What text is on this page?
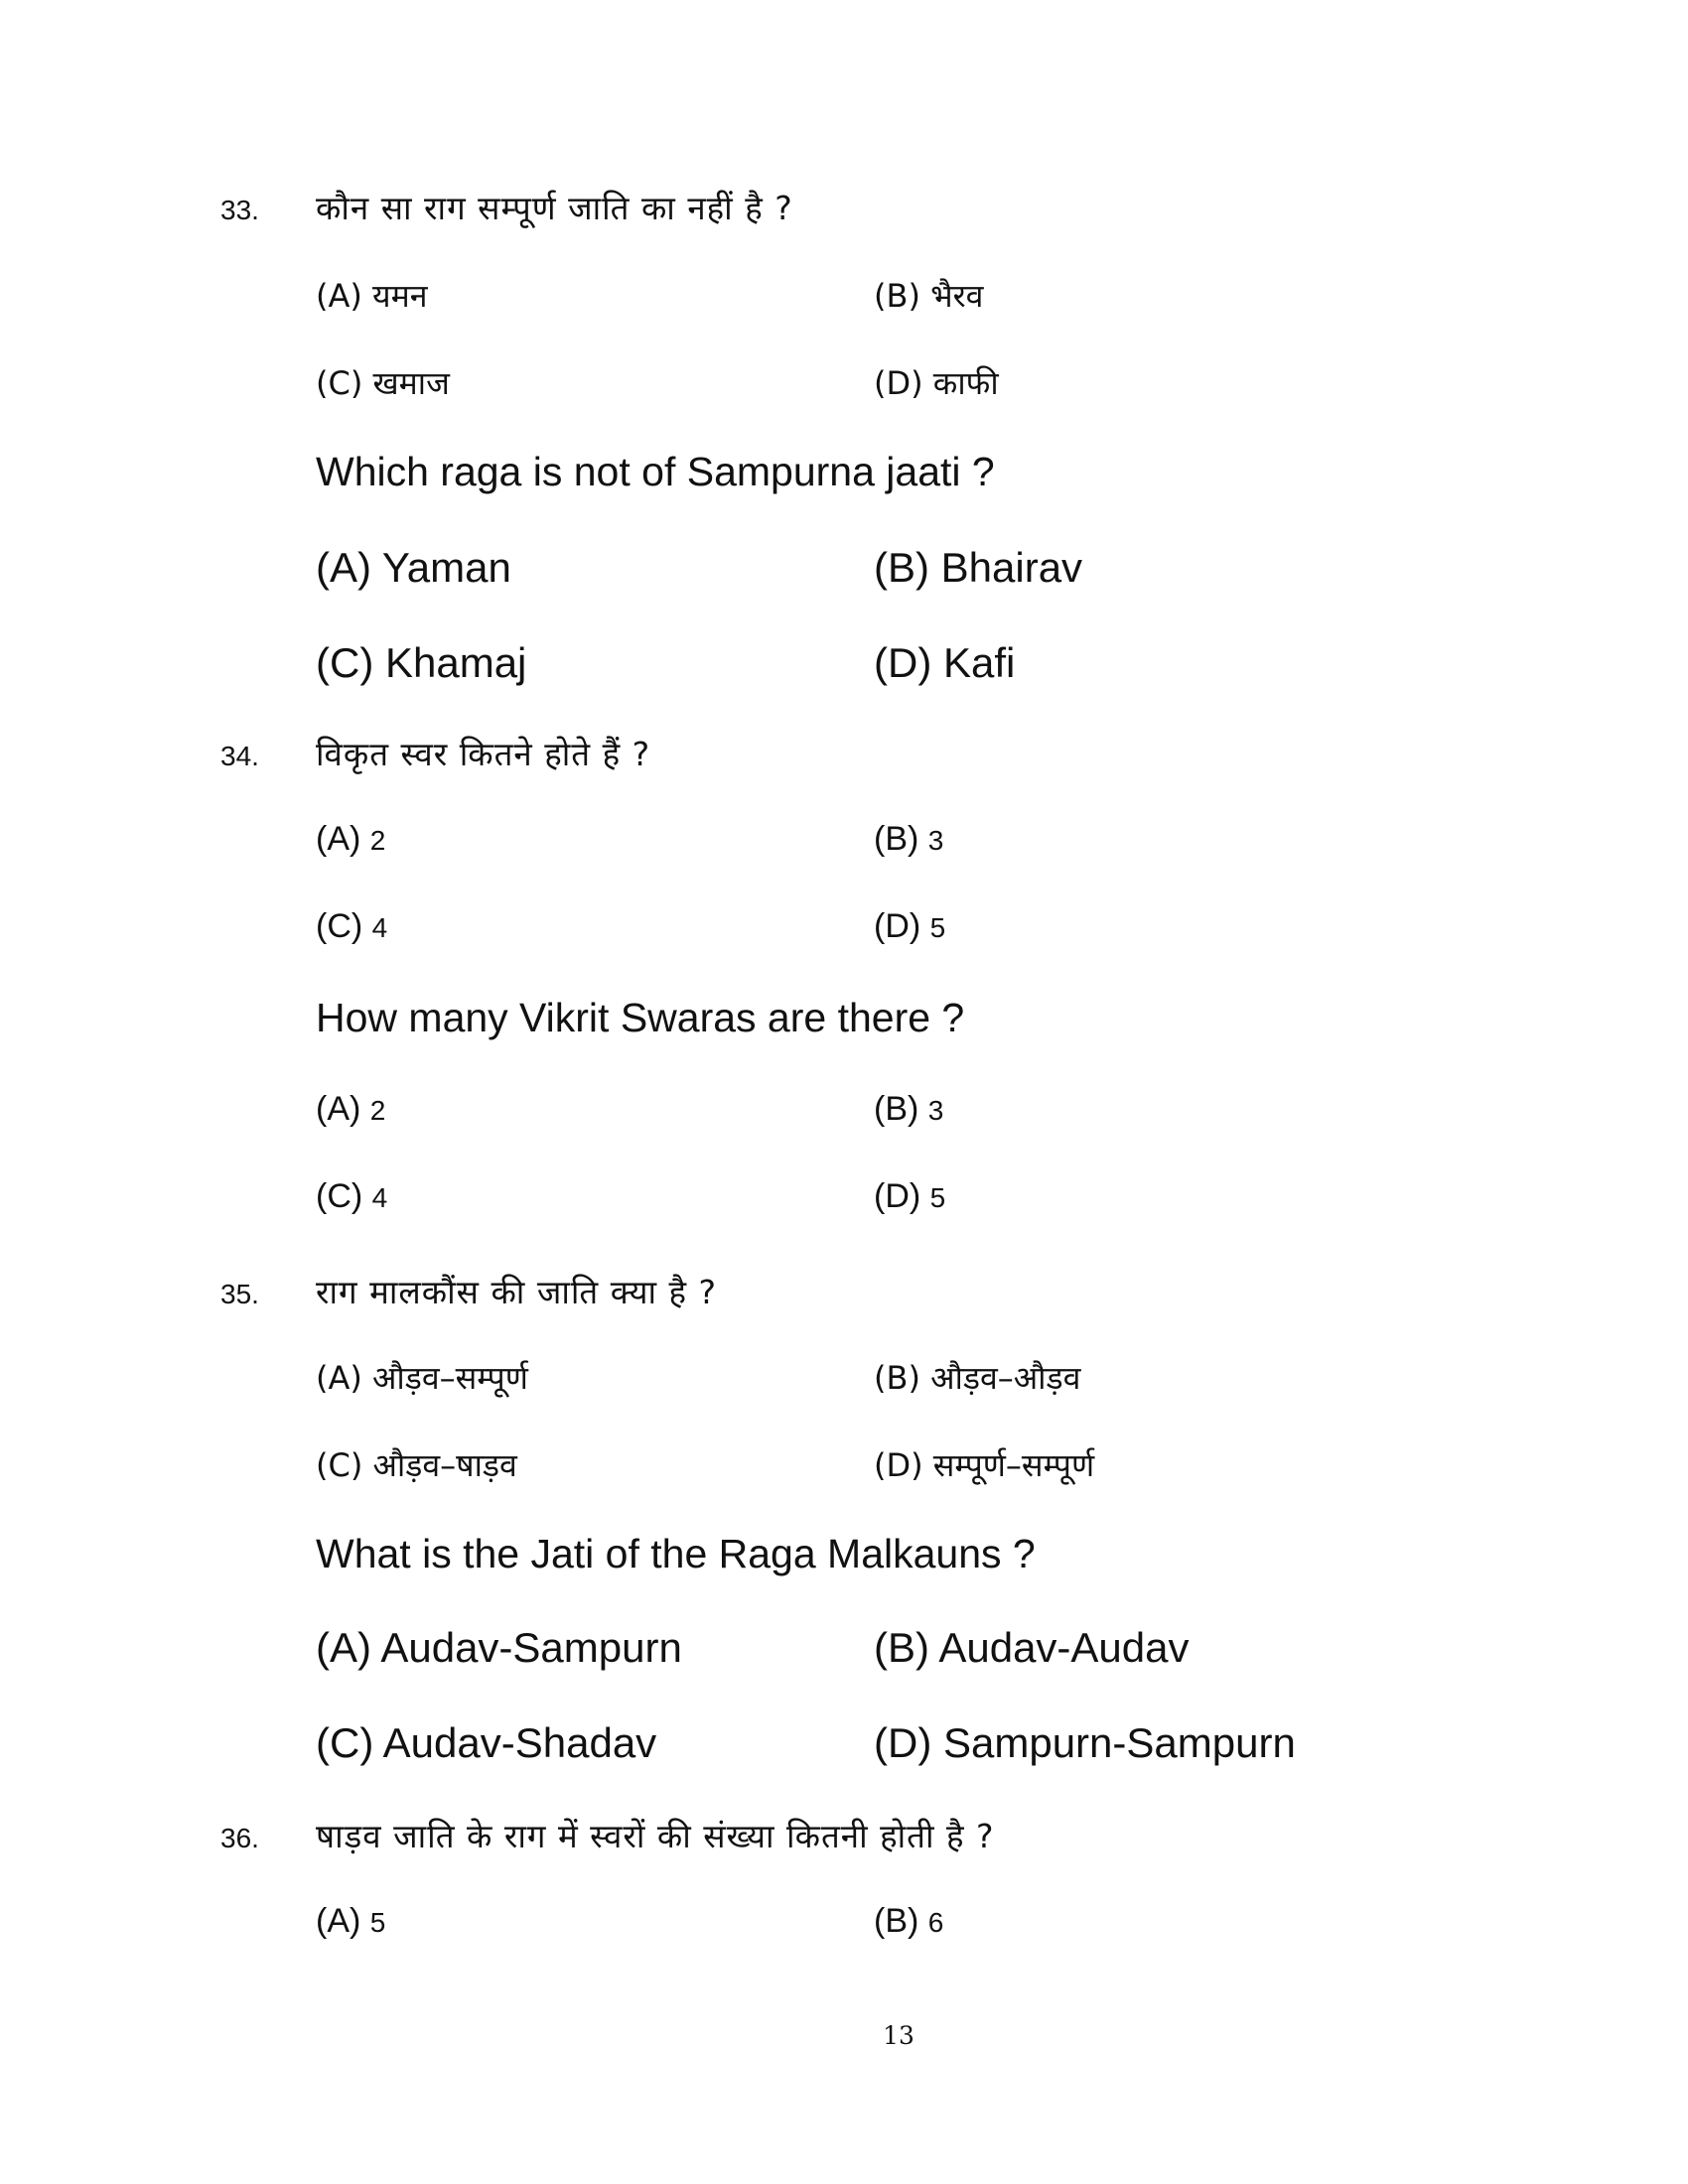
33. कौन सा राग सम्पूर्ण जाति का नहीं है ?
(A) यमन	(B) भैरव
(C) खमाज	(D) काफी
Which raga is not of Sampurna jaati ?
(A) Yaman	(B) Bhairav
(C) Khamaj	(D) Kafi
34. विकृत स्वर कितने होते हैं ?
(A) 2	(B) 3
(C) 4	(D) 5
How many Vikrit Swaras are there ?
(A) 2	(B) 3
(C) 4	(D) 5
35. राग मालकौंस की जाति क्या है ?
(A) औड़व–सम्पूर्ण	(B) औड़व–औड़व
(C) औड़व–षाड़व	(D) सम्पूर्ण–सम्पूर्ण
What is the Jati of the Raga Malkauns ?
(A) Audav-Sampurn	(B) Audav-Audav
(C) Audav-Shadav	(D) Sampurn-Sampurn
36. षाड़व जाति के राग में स्वरों की संख्या कितनी होती है ?
(A) 5	(B) 6
13
